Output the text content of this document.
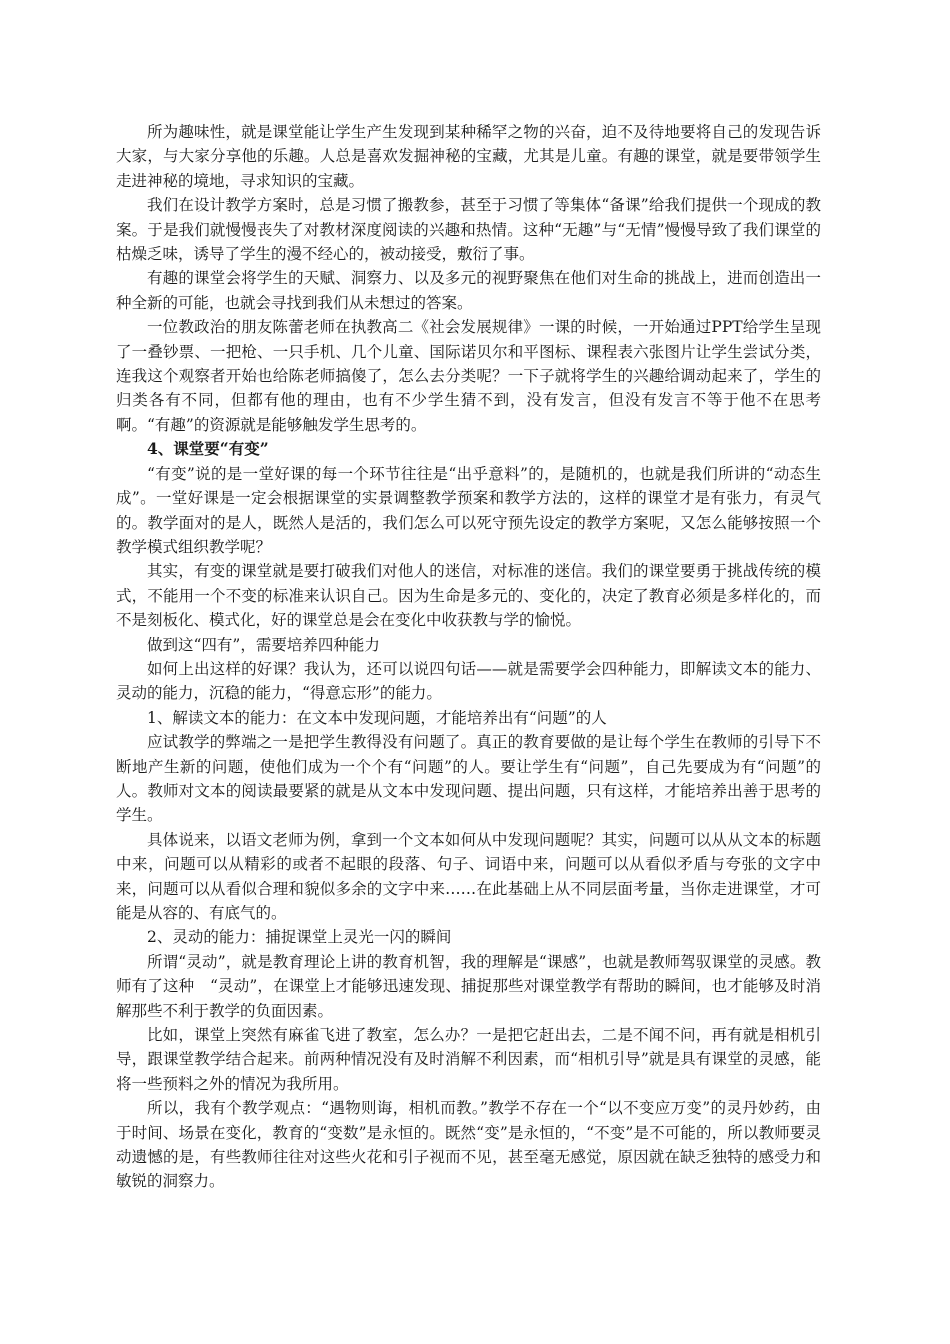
所为趣味性，就是课堂能让学生产生发现到某种稀罕之物的兴奋，迫不及待地要将自己的发现告诉大家，与大家分享他的乐趣。人总是喜欢发掘神秘的宝藏，尤其是儿童。有趣的课堂，就是要带领学生走进神秘的境地，寻求知识的宝藏。

我们在设计教学方案时，总是习惯了搬教参，甚至于习惯了等集体“备课”给我们提供一个现成的教案。于是我们就慢慢丧失了对教材深度阅读的兴趣和热情。这种“无趣”与“无情”慢慢导致了我们课堂的枯燥乏味，诱导了学生的漫不经心的，被动接受，敷衍了事。

有趣的课堂会将学生的天赋、洞察力、以及多元的视野聚焦在他们对生命的挑战上，进而创造出一种全新的可能，也就会寻找到我们从未想过的答案。

一位教政治的朋友陈蕾老师在执教高二《社会发展规律》一课的时候，一开始通过PPT给学生呈现了一叠钞票、一把枪、一只手机、几个儿童、国际诺贝尔和平图标、课程表六张图片让学生尝试分类，连我这个观察者开始也给陈老师搞傻了，怎么去分类呢？一下子就将学生的兴趣给调动起来了，学生的归类各有不同，但都有他的理由，也有不少学生猜不到，没有发言，但没有发言不等于他不在思考啊。“有趣”的资源就是能够触发学生思考的。

4、课堂要“有变”

“有变”说的是一堂好课的每一个环节往往是“出乎意料”的，是随机的，也就是我们所讲的“动态生成”。一堂好课是一定会根据课堂的实景调整教学预案和教学方法的，这样的课堂才是有张力，有灵气的。教学面对的是人，既然人是活的，我们怎么可以死守预先设定的教学方案呢，又怎么能够按照一个教学模式组织教学呢？

其实，有变的课堂就是要打破我们对他人的迷信，对标准的迷信。我们的课堂要勇于挑战传统的模式，不能用一个不变的标准来认识自己。因为生命是多元的、变化的，决定了教育必须是多样化的，而不是刻板化、模式化，好的课堂总是会在变化中收获教与学的愉悦。

做到这“四有”，需要培养四种能力

如何上出这样的好课？我认为，还可以说四句话——就是需要学会四种能力，即解读文本的能力、灵动的能力，沉稳的能力，“得意忘形”的能力。

1、解读文本的能力：在文本中发现问题，才能培养出有“问题”的人

应试教学的弊端之一是把学生教得没有问题了。真正的教育要做的是让每个学生在教师的引导下不断地产生新的问题，使他们成为一个个有“问题”的人。要让学生有“问题”，自己先要成为有“问题”的人。教师对文本的阅读最要紧的就是从文本中发现问题、提出问题，只有这样，才能培养出善于思考的学生。

具体说来，以语文老师为例，拿到一个文本如何从中发现问题呢？其实，问题可以从从文本的标题中来，问题可以从精彩的或者不起眼的段落、句子、词语中来，问题可以从看似矛盾与夸张的文字中来，问题可以从看似合理和貌似多余的文字中来……在此基础上从不同层面考量，当你走进课堂，才可能是从容的、有底气的。

2、灵动的能力：捕捉课堂上灵光一闪的瞬间

所谓“灵动”，就是教育理论上讲的教育机智，我的理解是“课感”，也就是教师驾驭课堂的灵感。教师有了这种　“灵动”，在课堂上才能够迅速发现、捕捉那些对课堂教学有帮助的瞬间，也才能够及时消解那些不利于教学的负面因素。

比如，课堂上突然有麻雀飞进了教室，怎么办？一是把它赶出去，二是不闻不问，再有就是相机引导，跟课堂教学结合起来。前两种情况没有及时消解不利因素，而“相机引导”就是具有课堂的灵感，能将一些预料之外的情况为我所用。

所以，我有个教学观点：“遇物则诲，相机而教。”教学不存在一个“以不变应万变”的灵丹妙药，由于时间、场景在变化，教育的“变数”是永恒的。既然“变”是永恒的，“不变”是不可能的，所以教师要灵动遗憾的是，有些教师往往对这些火花和引子视而不见，甚至毫无感觉，原因就在缺乏独特的感受力和敏锐的洞察力。
